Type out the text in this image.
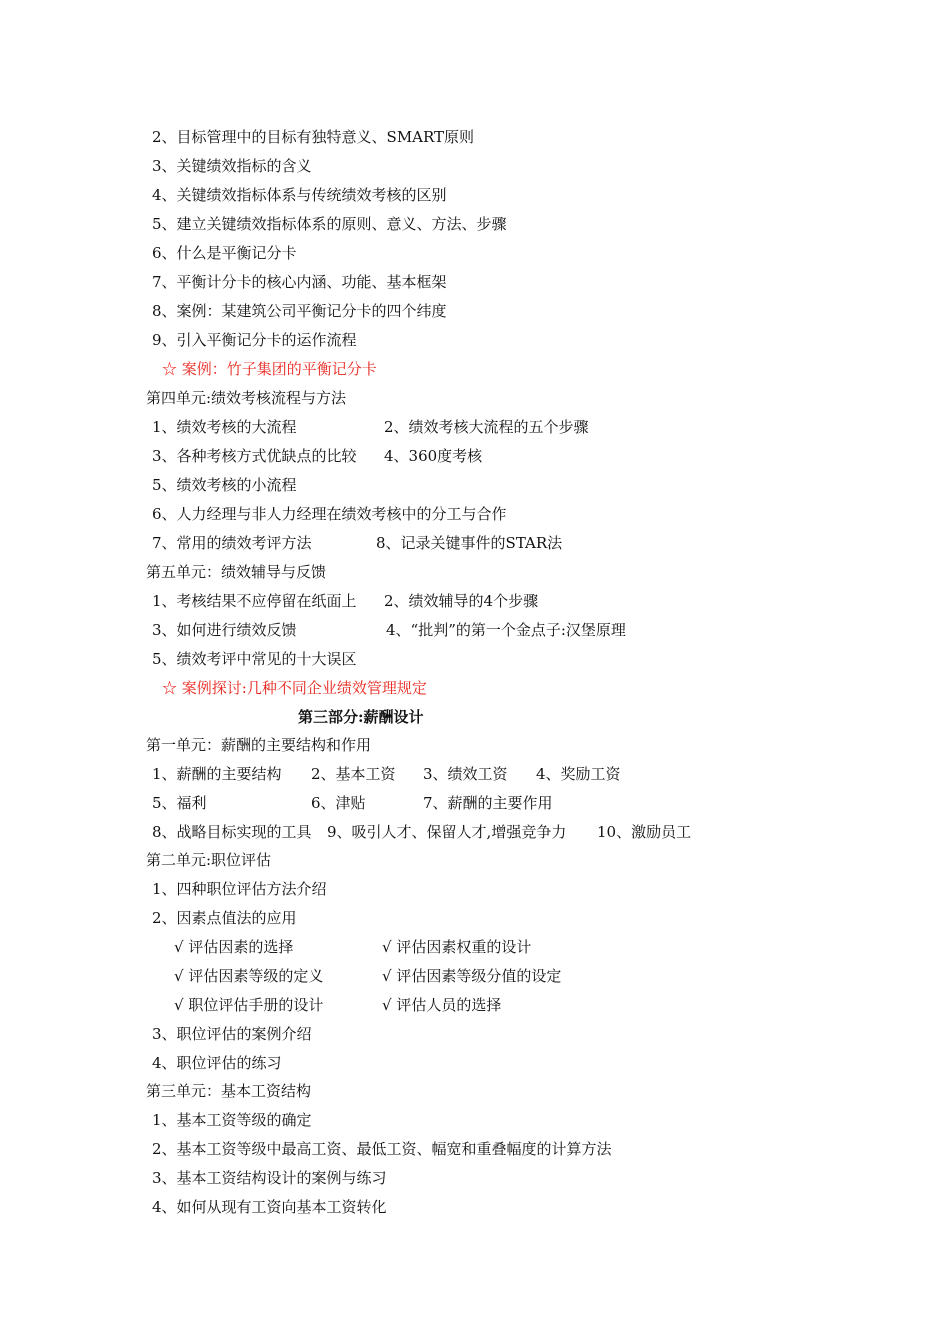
2、目标管理中的目标有独特意义、SMART原则
3、关键绩效指标的含义
4、关键绩效指标体系与传统绩效考核的区别
5、建立关键绩效指标体系的原则、意义、方法、步骤
6、什么是平衡记分卡
7、平衡计分卡的核心内涵、功能、基本框架
8、案例：某建筑公司平衡记分卡的四个纬度
9、引入平衡记分卡的运作流程
☆ 案例：竹子集团的平衡记分卡
第四单元:绩效考核流程与方法
1、绩效考核的大流程	2、绩效考核大流程的五个步骤
3、各种考核方式优缺点的比较 4、360度考核
5、绩效考核的小流程
6、人力经理与非人力经理在绩效考核中的分工与合作
7、常用的绩效考评方法	8、记录关键事件的STAR法
第五单元：绩效辅导与反馈
1、考核结果不应停留在纸面上 2、绩效辅导的4个步骤
3、如何进行绩效反馈	4、“批判”的第一个金点子:汉堡原理
5、绩效考评中常见的十大误区
☆ 案例探讨:几种不同企业绩效管理规定
第三部分:薪酬设计
第一单元：薪酬的主要结构和作用
1、薪酬的主要结构 2、基本工资 3、绩效工资 4、奖励工资
5、福利	6、津贴	7、薪酬的主要作用
8、战略目标实现的工具 9、吸引人才、保留人才,增强竞争力 10、激励员工
第二单元:职位评估
1、四种职位评估方法介绍
2、因素点值法的应用
√ 评估因素的选择	√ 评估因素权重的设计
√ 评估因素等级的定义	√ 评估因素等级分值的设定
√ 职位评估手册的设计	√ 评估人员的选择
3、职位评估的案例介绍
4、职位评估的练习
第三单元：基本工资结构
1、基本工资等级的确定
2、基本工资等级中最高工资、最低工资、幅宽和重叠幅度的计算方法
3、基本工资结构设计的案例与练习
4、如何从现有工资向基本工资转化
